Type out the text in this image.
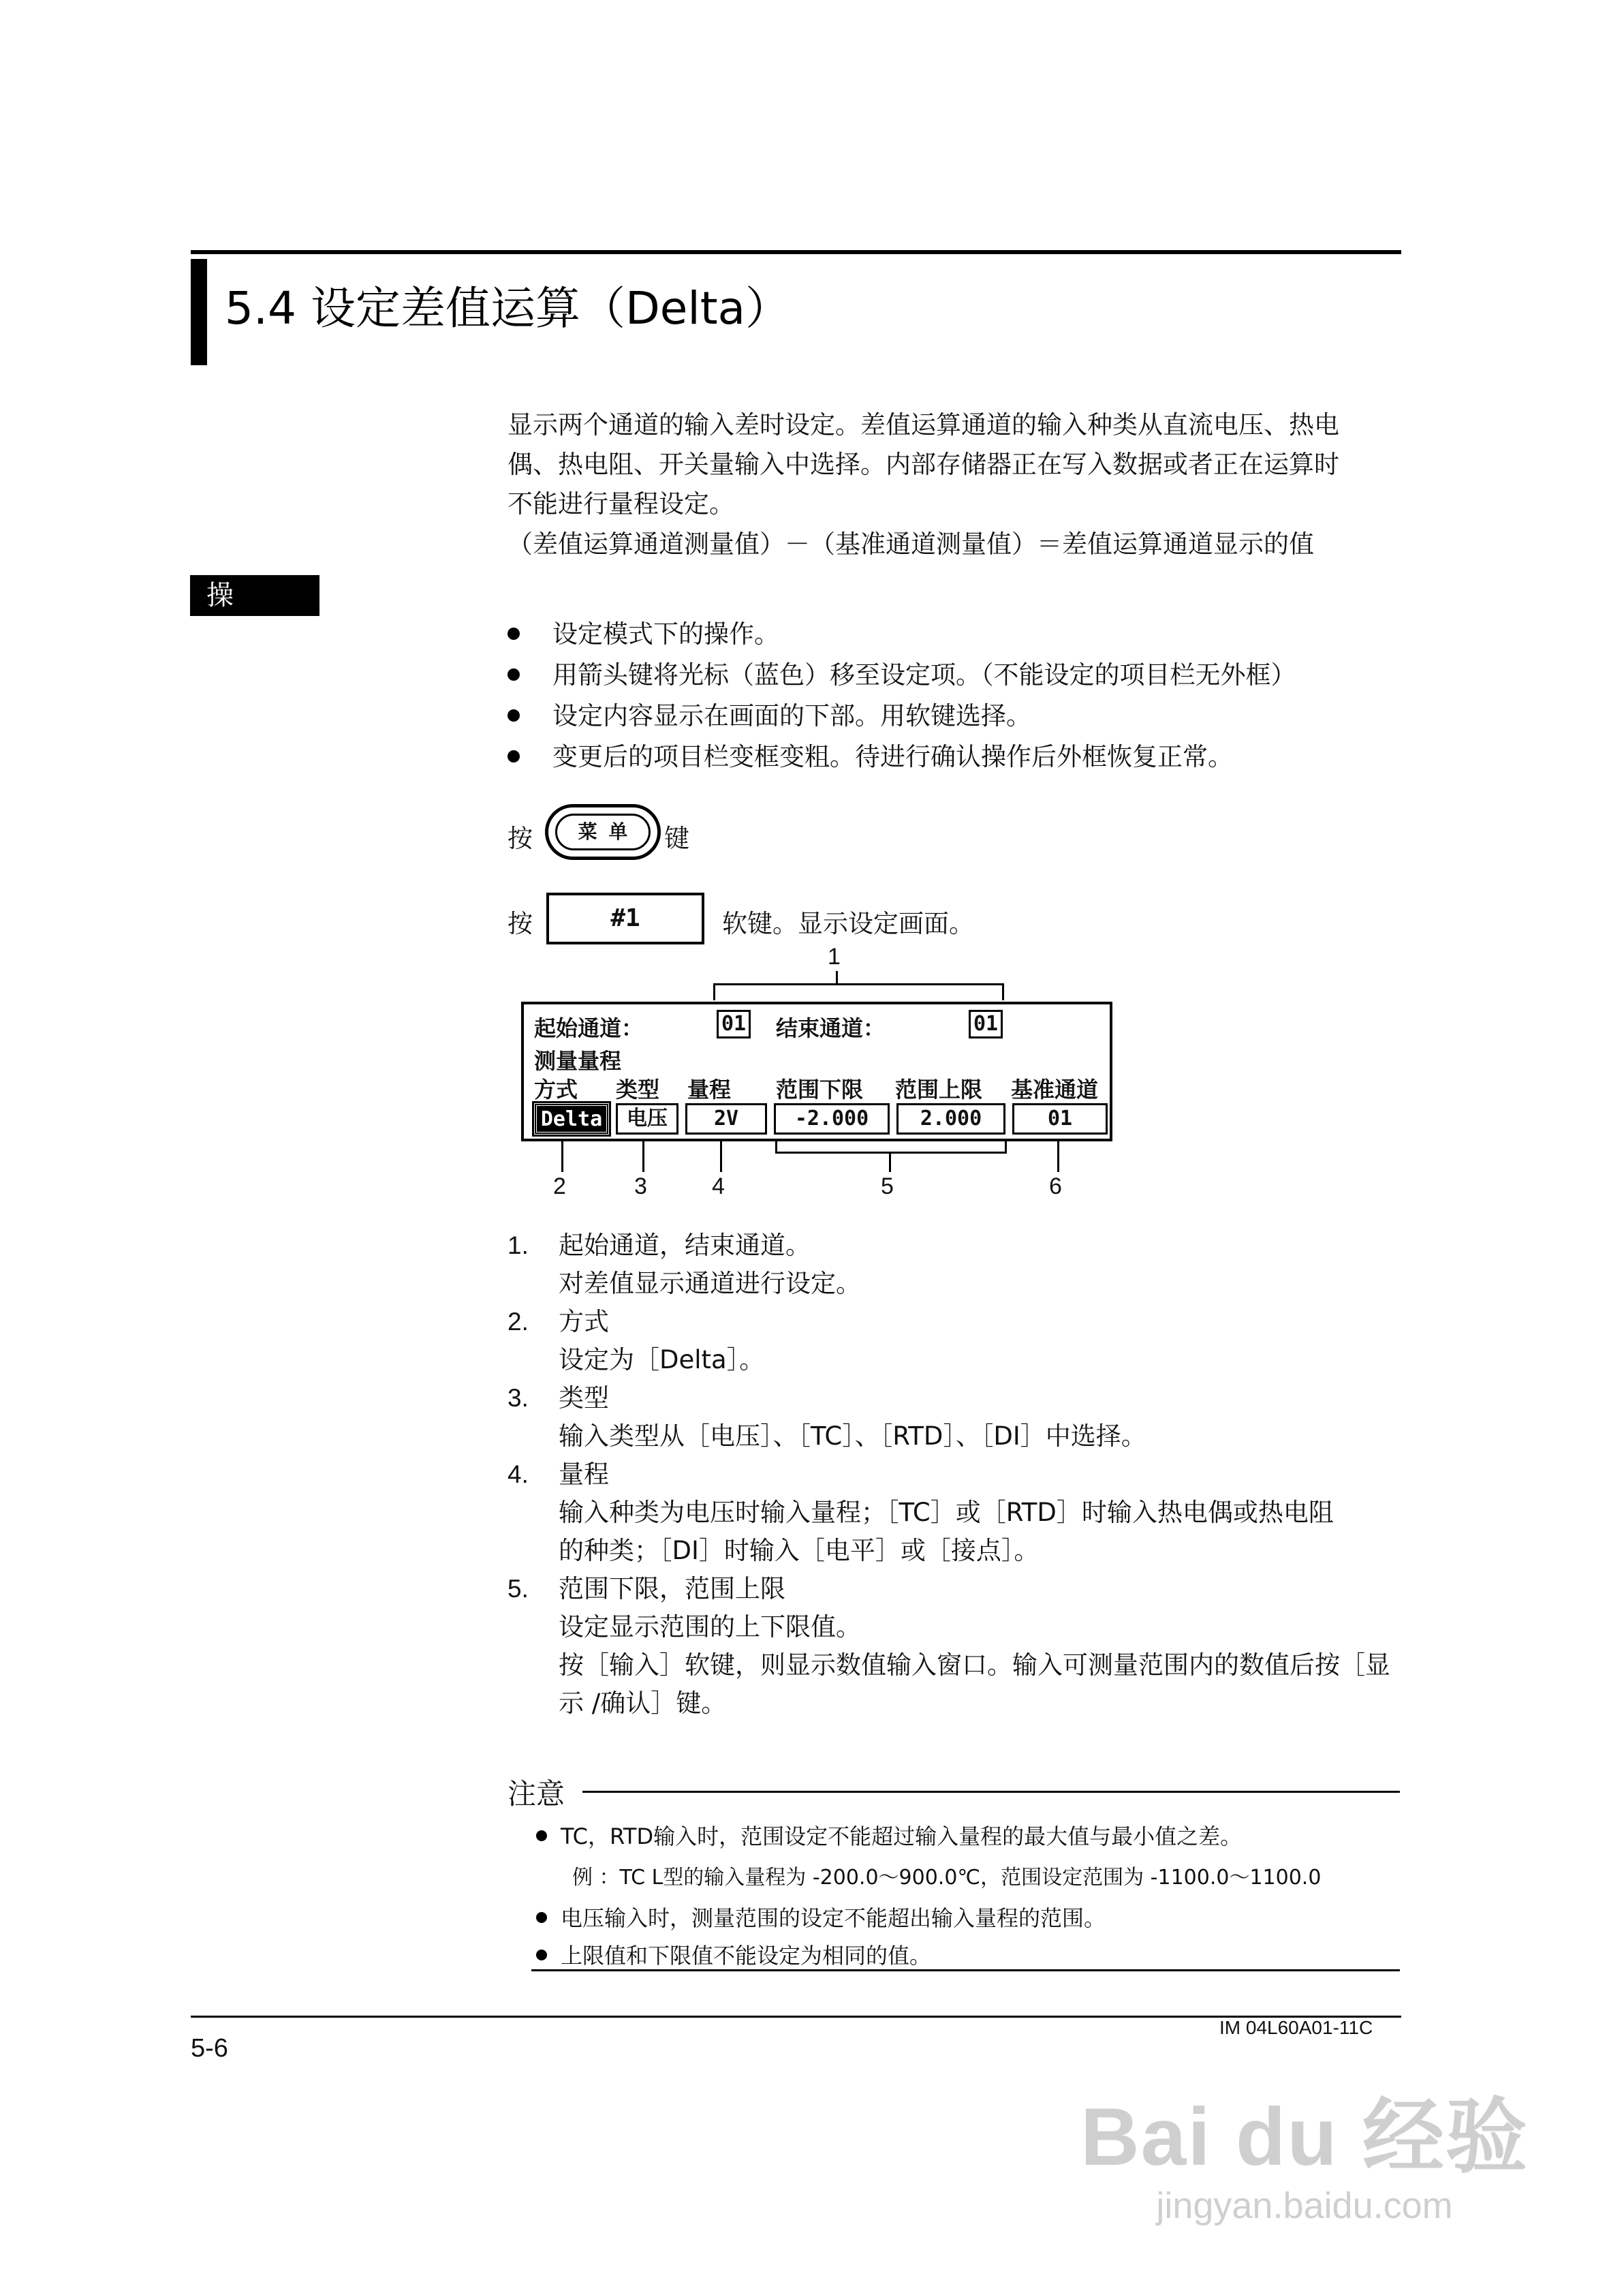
5.4 设定差值运算（Delta）
显示两个通道的输入差时设定。差值运算通道的输入种类从直流电压、热电
偶、热电阻、开关量输入中选择。内部存储器正在写入数据或者正在运算时
不能进行量程设定。
（差值运算通道测量值）－（基准通道测量值）＝差值运算通道显示的值
操 作	设定模式下的操作。
用箭头键将光标（蓝色）移至设定项。（不能设定的项目栏无外框）
设定内容显示在画面的下部。用软键选择。
变更后的项目栏变框变粗。待进行确认操作后外框恢复正常。
按	菜 单	键
按	#1	软键。显示设定画面。
1
起始通道：	01 结束通道：	01
测量量程
方式 类型 量程 范围下限 范围上限 基准通道
Delta	电压	2V	-2.000	2.000	01
2	3	4	5	6
1. 起始通道，结束通道。
对差值显示通道进行设定。
2. 方式
设定为［Delta］。
3. 类型
输入类型从［电压］、［TC］、［RTD］、［DI］中选择。
4. 量程
输入种类为电压时输入量程；［TC］或［RTD］时输入热电偶或热电阻
的种类；［DI］时输入［电平］或［接点］。
5. 范围下限，范围上限
设定显示范围的上下限值。
按［输入］软键，则显示数值输入窗口。输入可测量范围内的数值后按［显
示 /确认］键。
注意
TC，RTD输入时，范围设定不能超过输入量程的最大值与最小值之差。
例 ：TC L型的输入量程为 -200.0～900.0℃，范围设定范围为 -1100.0～1100.0
电压输入时，测量范围的设定不能超出输入量程的范围。
上限值和下限值不能设定为相同的值。
5-6
IM 04L60A01-11C
Bai du 经验
jingyan.baidu.com
